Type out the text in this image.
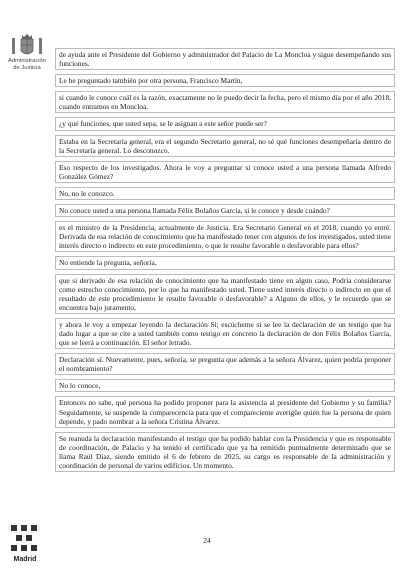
Administración
de Justicia
Madrid

de ayuda ante el Presidente del Gobierno y administrador del Palacio de La Moncloa y sigue desempeñando sus funciones.

Le he preguntado también por otra persona, Francisco Martín,

si cuando le conoce cuál es la razón, exactamente no le puedo decir la fecha, pero el mismo día por el año 2018, cuando entramos en Moncloa.

¿y qué funciones, que usted sepa, se le asignan a este señor puede ser?

Estaba en la Secretaría general, era el segundo Secretario general, no sé qué funciones desempeñaría dentro de la Secretaría general. Lo desconozco.

Eso respecto de los investigados. Ahora le voy a preguntar si conoce usted a una persona llamada Alfredo González Gómez?

No, no le conozco.

No conoce usted a una persona llamada Félix Bolaños García, si le conoce y desde cuándo?

es el ministro de la Presidencia, actualmente de Justicia. Era Secretario General en el 2018, cuando yo entré. Derivada de esa relación de conocimiento que ha manifestado tener con algunos de los investigados, usted tiene interés directo o indirecto en este procedimiento, o que le resulte favorable o desfavorable para ellos?

No entiende la pregunta, señoría,

que si derivado de esa relación de conocimiento que ha manifestado tiene en algún caso, Podría considerarse como estrecho conocimiento, por lo que ha manifestado usted. Tiene usted interés directo o indirecto en que el resultado de este procedimiento le resulte favorable o desfavorable? a Alguno de ellos, y le recuerdo que se encuentra bajo juramento,

y ahora le voy a empezar leyendo la declaración Sí; escúcheme si se lee la declaración de un testigo que ha dado lugar a que se cite a usted también como testigo en concreto la declaración de don Félix Bolaños García, que se leerá a continuación. El señor letrado.

Declaración sí. Nuevamente, pues, señoría, se pregunta que además a la señora Álvarez, quien podría proponer el nombramiento?

No lo conoce,

Entonces no sabe, qué persona ha podido proponer para la asistencia al presidente del Gobierno y su familia? Seguidamente, se suspende la comparecencia para que el compareciente averigüe quién fue la persona de quien depende, y pado nombrar a la señora Cristina Álvarez.

Se reanuda la declaración manifestando el testigo que ha podido hablar con la Presidencia y que es responsable de coordinación, de Palacio y ha tenido el certificado que ya ha remitido puntualmente determinado que se llama Raúl Díaz, siendo emitido el 6 de febrero de 2025, su cargo es responsable de la administración y coordinación de personal de varios edificios. Un momento.

24
